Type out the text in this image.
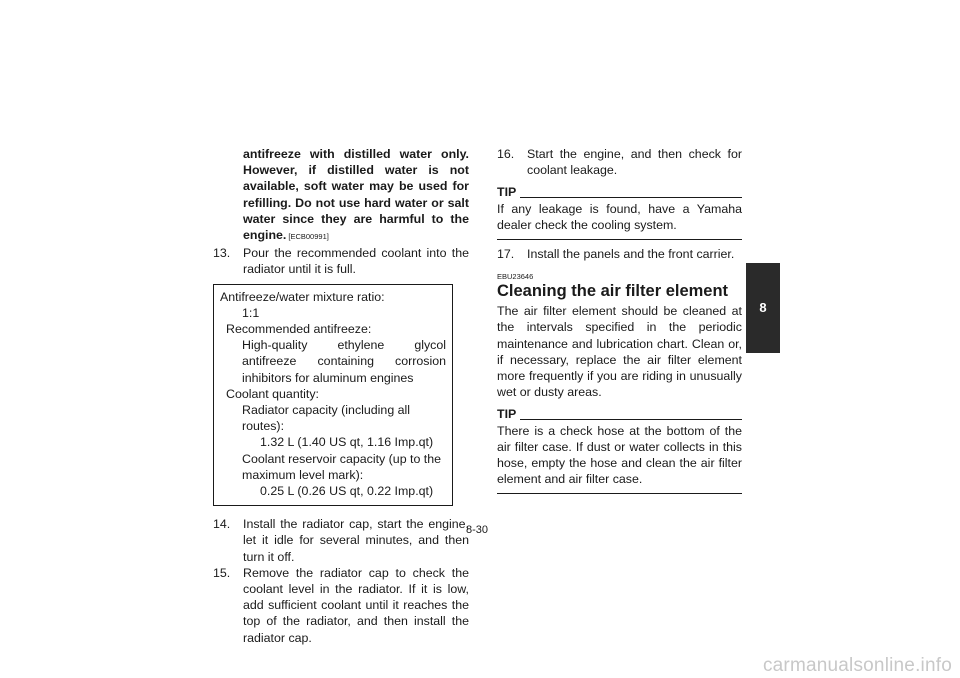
antifreeze with distilled water only. However, if distilled water is not available, soft water may be used for refilling. Do not use hard water or salt water since they are harmful to the engine. [ECB00991]
13.	Pour the recommended coolant into the radiator until it is full.
Antifreeze/water mixture ratio:
1:1
Recommended antifreeze:
High-quality ethylene glycol antifreeze containing corrosion inhibitors for aluminum engines
Coolant quantity:
Radiator capacity (including all routes):
1.32 L (1.40 US qt, 1.16 Imp.qt)
Coolant reservoir capacity (up to the maximum level mark):
0.25 L (0.26 US qt, 0.22 Imp.qt)
14.	Install the radiator cap, start the engine, let it idle for several minutes, and then turn it off.
15.	Remove the radiator cap to check the coolant level in the radiator. If it is low, add sufficient coolant until it reaches the top of the radiator, and then install the radiator cap.
16.	Start the engine, and then check for coolant leakage.
TIP
If any leakage is found, have a Yamaha dealer check the cooling system.
17.	Install the panels and the front carrier.
EBU23646
Cleaning the air filter element
The air filter element should be cleaned at the intervals specified in the periodic maintenance and lubrication chart. Clean or, if necessary, replace the air filter element more frequently if you are riding in unusually wet or dusty areas.
TIP
There is a check hose at the bottom of the air filter case. If dust or water collects in this hose, empty the hose and clean the air filter element and air filter case.
8-30
8
carmanualsonline.info
